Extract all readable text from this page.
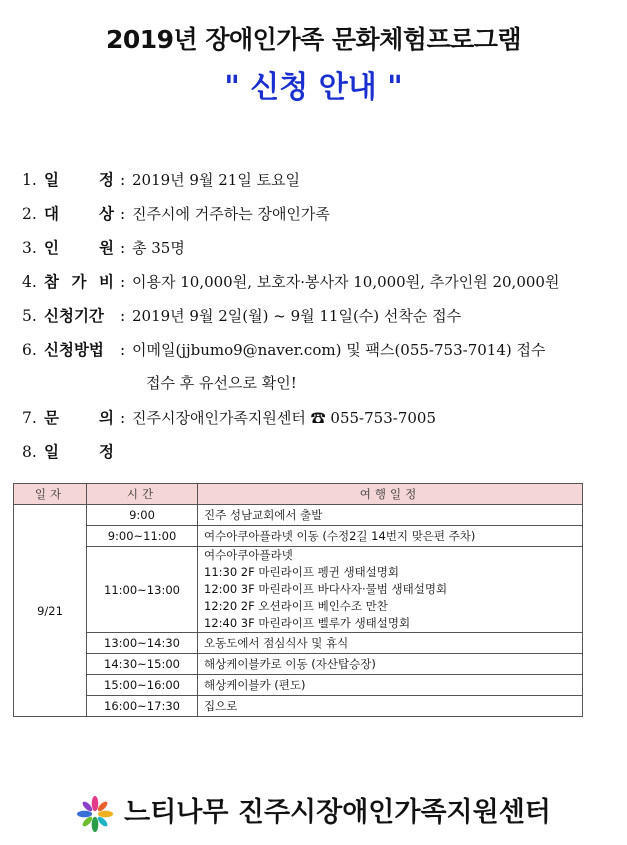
2019년 장애인가족 문화체험프로그램
" 신청 안내 "
1. 일	정 : 2019년 9월 21일 토요일
2. 대	상 : 진주시에 거주하는 장애인가족
3. 인	원 : 총 35명
4. 참 가 비 : 이용자 10,000원, 보호자·봉사자 10,000원, 추가인원 20,000원
5. 신청기간	: 2019년 9월 2일(월) ~ 9월 11일(수) 선착순 접수
6. 신청방법	: 이메일(jjbumo9@naver.com) 및 팩스(055-753-7014) 접수
접수 후 유선으로 확인!
7. 문	의 : 진주시장애인가족지원센터 ☎ 055-753-7005
8. 일	정
일자	시간	여행일정
9/21	9:00	진주 성남교회에서 출발

	9:00~11:00	여수아쿠아플라넷 이동 (수정2길 14번지 맞은편 주차)

	11:00~13:00	여수아쿠아플라넷
11:30 2F 마린라이프 펭귄 생태설명회
12:00 3F 마린라이프 바다사자·물범 생태설명회
12:20 2F 오션라이프 베인수조 만찬
12:40 3F 마린라이프 벨루가 생태설명회

	13:00~14:30	오동도에서 점심식사 및 휴식

	14:30~15:00	해상케이블카로 이동 (자산탑승장)

	15:00~16:00	해상케이블카 (편도)

	16:00~17:30	집으로
느티나무 진주시장애인가족지원센터
